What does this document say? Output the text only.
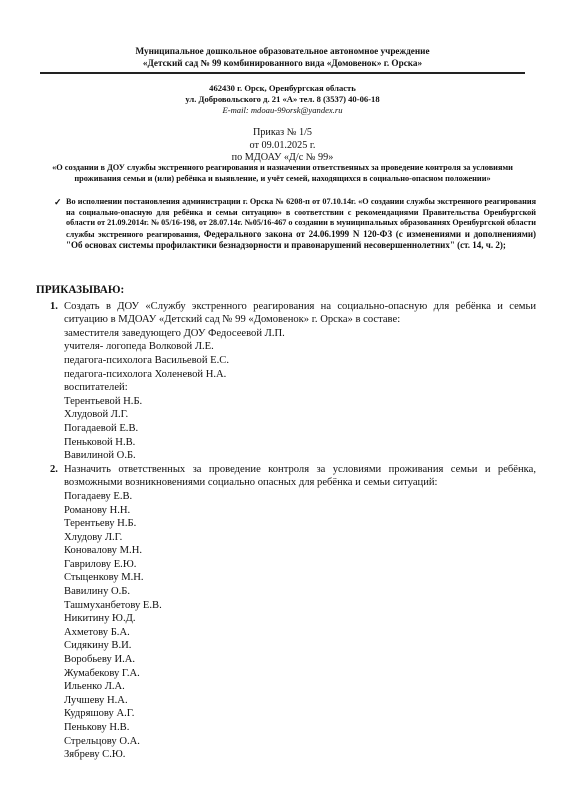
Муниципальное дошкольное образовательное автономное учреждение
«Детский сад № 99 комбинированного вида «Домовенок» г. Орска»
462430 г. Орск, Оренбургская область
ул. Добровольского д. 21 «А» тел. 8 (3537) 40-06-18
E-mail: mdoau-99orsk@yandex.ru
Приказ № 1/5
от 09.01.2025 г.
по МДОАУ «Д/с № 99»
«О создании в ДОУ службы экстренного реагирования и назначении ответственных за проведение контроля за условиями проживания семьи и (или) ребёнка и выявление, и учёт семей, находящихся в социально-опасном положении»
✓ Во исполнении постановления администрации г. Орска № 6208-п от 07.10.14г. «О создании службы экстренного реагирования на социально-опасную для ребёнка и семьи ситуацию» в соответствии с рекомендациями Правительства Оренбургской области от 21.09.2014г. № 05/16-198, от 28.07.14г. №05/16-467 о создании в муниципальных образованиях Оренбургской области службы экстренного реагирования, Федерального закона от 24.06.1999 N 120-ФЗ (с изменениями и дополнениями) "Об основах системы профилактики безнадзорности и правонарушений несовершеннолетних" (ст. 14, ч. 2);
ПРИКАЗЫВАЮ:
1. Создать в ДОУ «Службу экстренного реагирования на социально-опасную для ребёнка и семьи ситуацию в МДОАУ «Детский сад № 99 «Домовенок» г. Орска» в составе:
заместителя заведующего ДОУ Федосеевой Л.П.
учителя- логопеда Волковой Л.Е.
педагога-психолога Васильевой Е.С.
педагога-психолога Холеневой Н.А.
воспитателей:
Терентьевой Н.Б.
Хлудовой Л.Г.
Погадаевой Е.В.
Пеньковой Н.В.
Вавилиной О.Б.
2. Назначить ответственных за проведение контроля за условиями проживания семьи и ребёнка, возможными возникновениями социально опасных для ребёнка и семьи ситуаций:
Погадаеву Е.В.
Романову Н.Н.
Терентьеву Н.Б.
Хлудову Л.Г.
Коновалову М.Н.
Гаврилову Е.Ю.
Стыценкову М.Н.
Вавилину О.Б.
Ташмуханбетову Е.В.
Никитину Ю.Д.
Ахметову Б.А.
Сидякину В.И.
Воробьеву И.А.
Жумабекову Г.А.
Ильенко Л.А.
Лучшеву Н.А.
Кудряшову А.Г.
Пенькову Н.В.
Стрельцову О.А.
Зябреву С.Ю.
